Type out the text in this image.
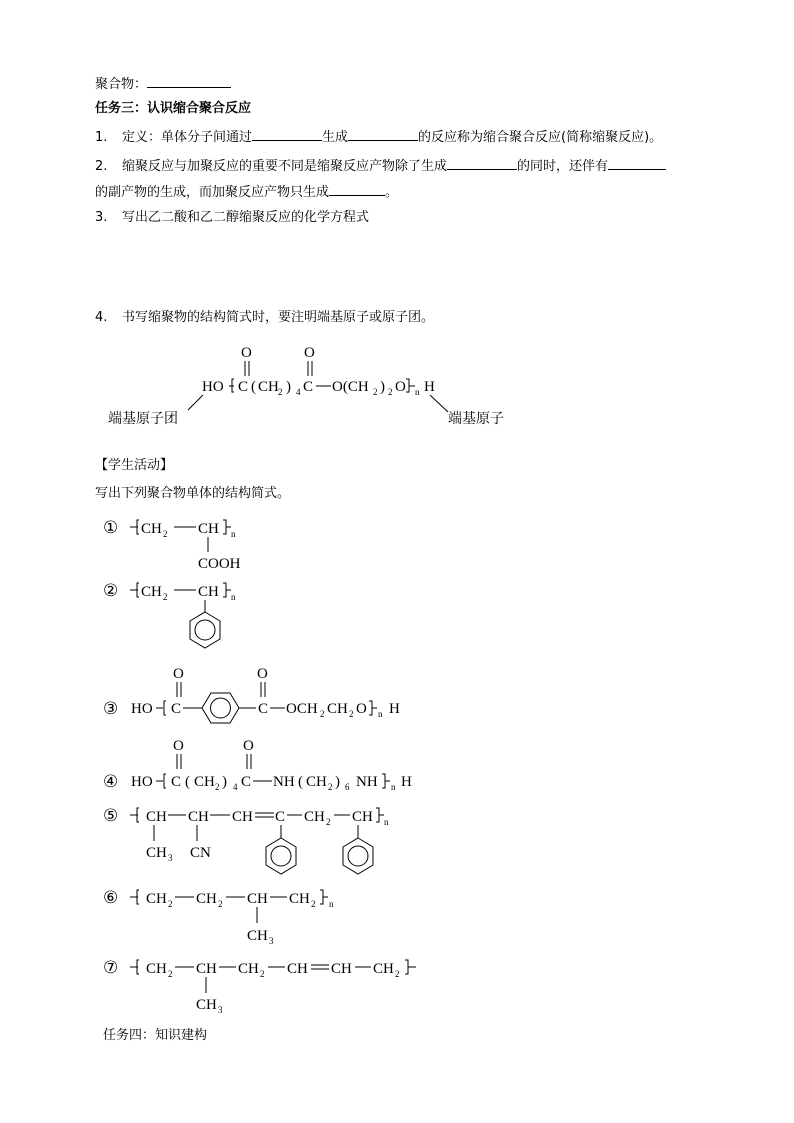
聚合物：
任务三：认识缩合聚合反应
1. 定义：单体分子间通过	生成	的反应称为缩合聚合反应(简称缩聚反应)。
2. 缩聚反应与加聚反应的重要不同是缩聚反应产物除了生成	的同时，还伴有
的副产物的生成，而加聚反应产物只生成	。
3. 写出乙二酸和乙二醇缩聚反应的化学方程式
4. 书写缩聚物的结构简式时，要注明端基原子或原子团。
【学生活动】
写出下列聚合物单体的结构简式。
任务四：知识建构
O	O
HO C ( CH 2 ) 4 C O(CH 2 ) 2 O n H
端基原子团	端基原子
① CH 2 CH n
COOH
② CH 2 CH n
O	O
③ HO C	C OCH 2 CH 2 O n H
O	O
④ HO C ( CH 2 ) 4 C NH ( CH 2 ) 6 NH n H
⑤ CH CH CH C CH 2 CH n
CH 3 CN
⑥ CH 2 CH 2 CH CH 2 n
CH 3
⑦ CH 2 CH CH 2 CH CH CH 2
CH 3
